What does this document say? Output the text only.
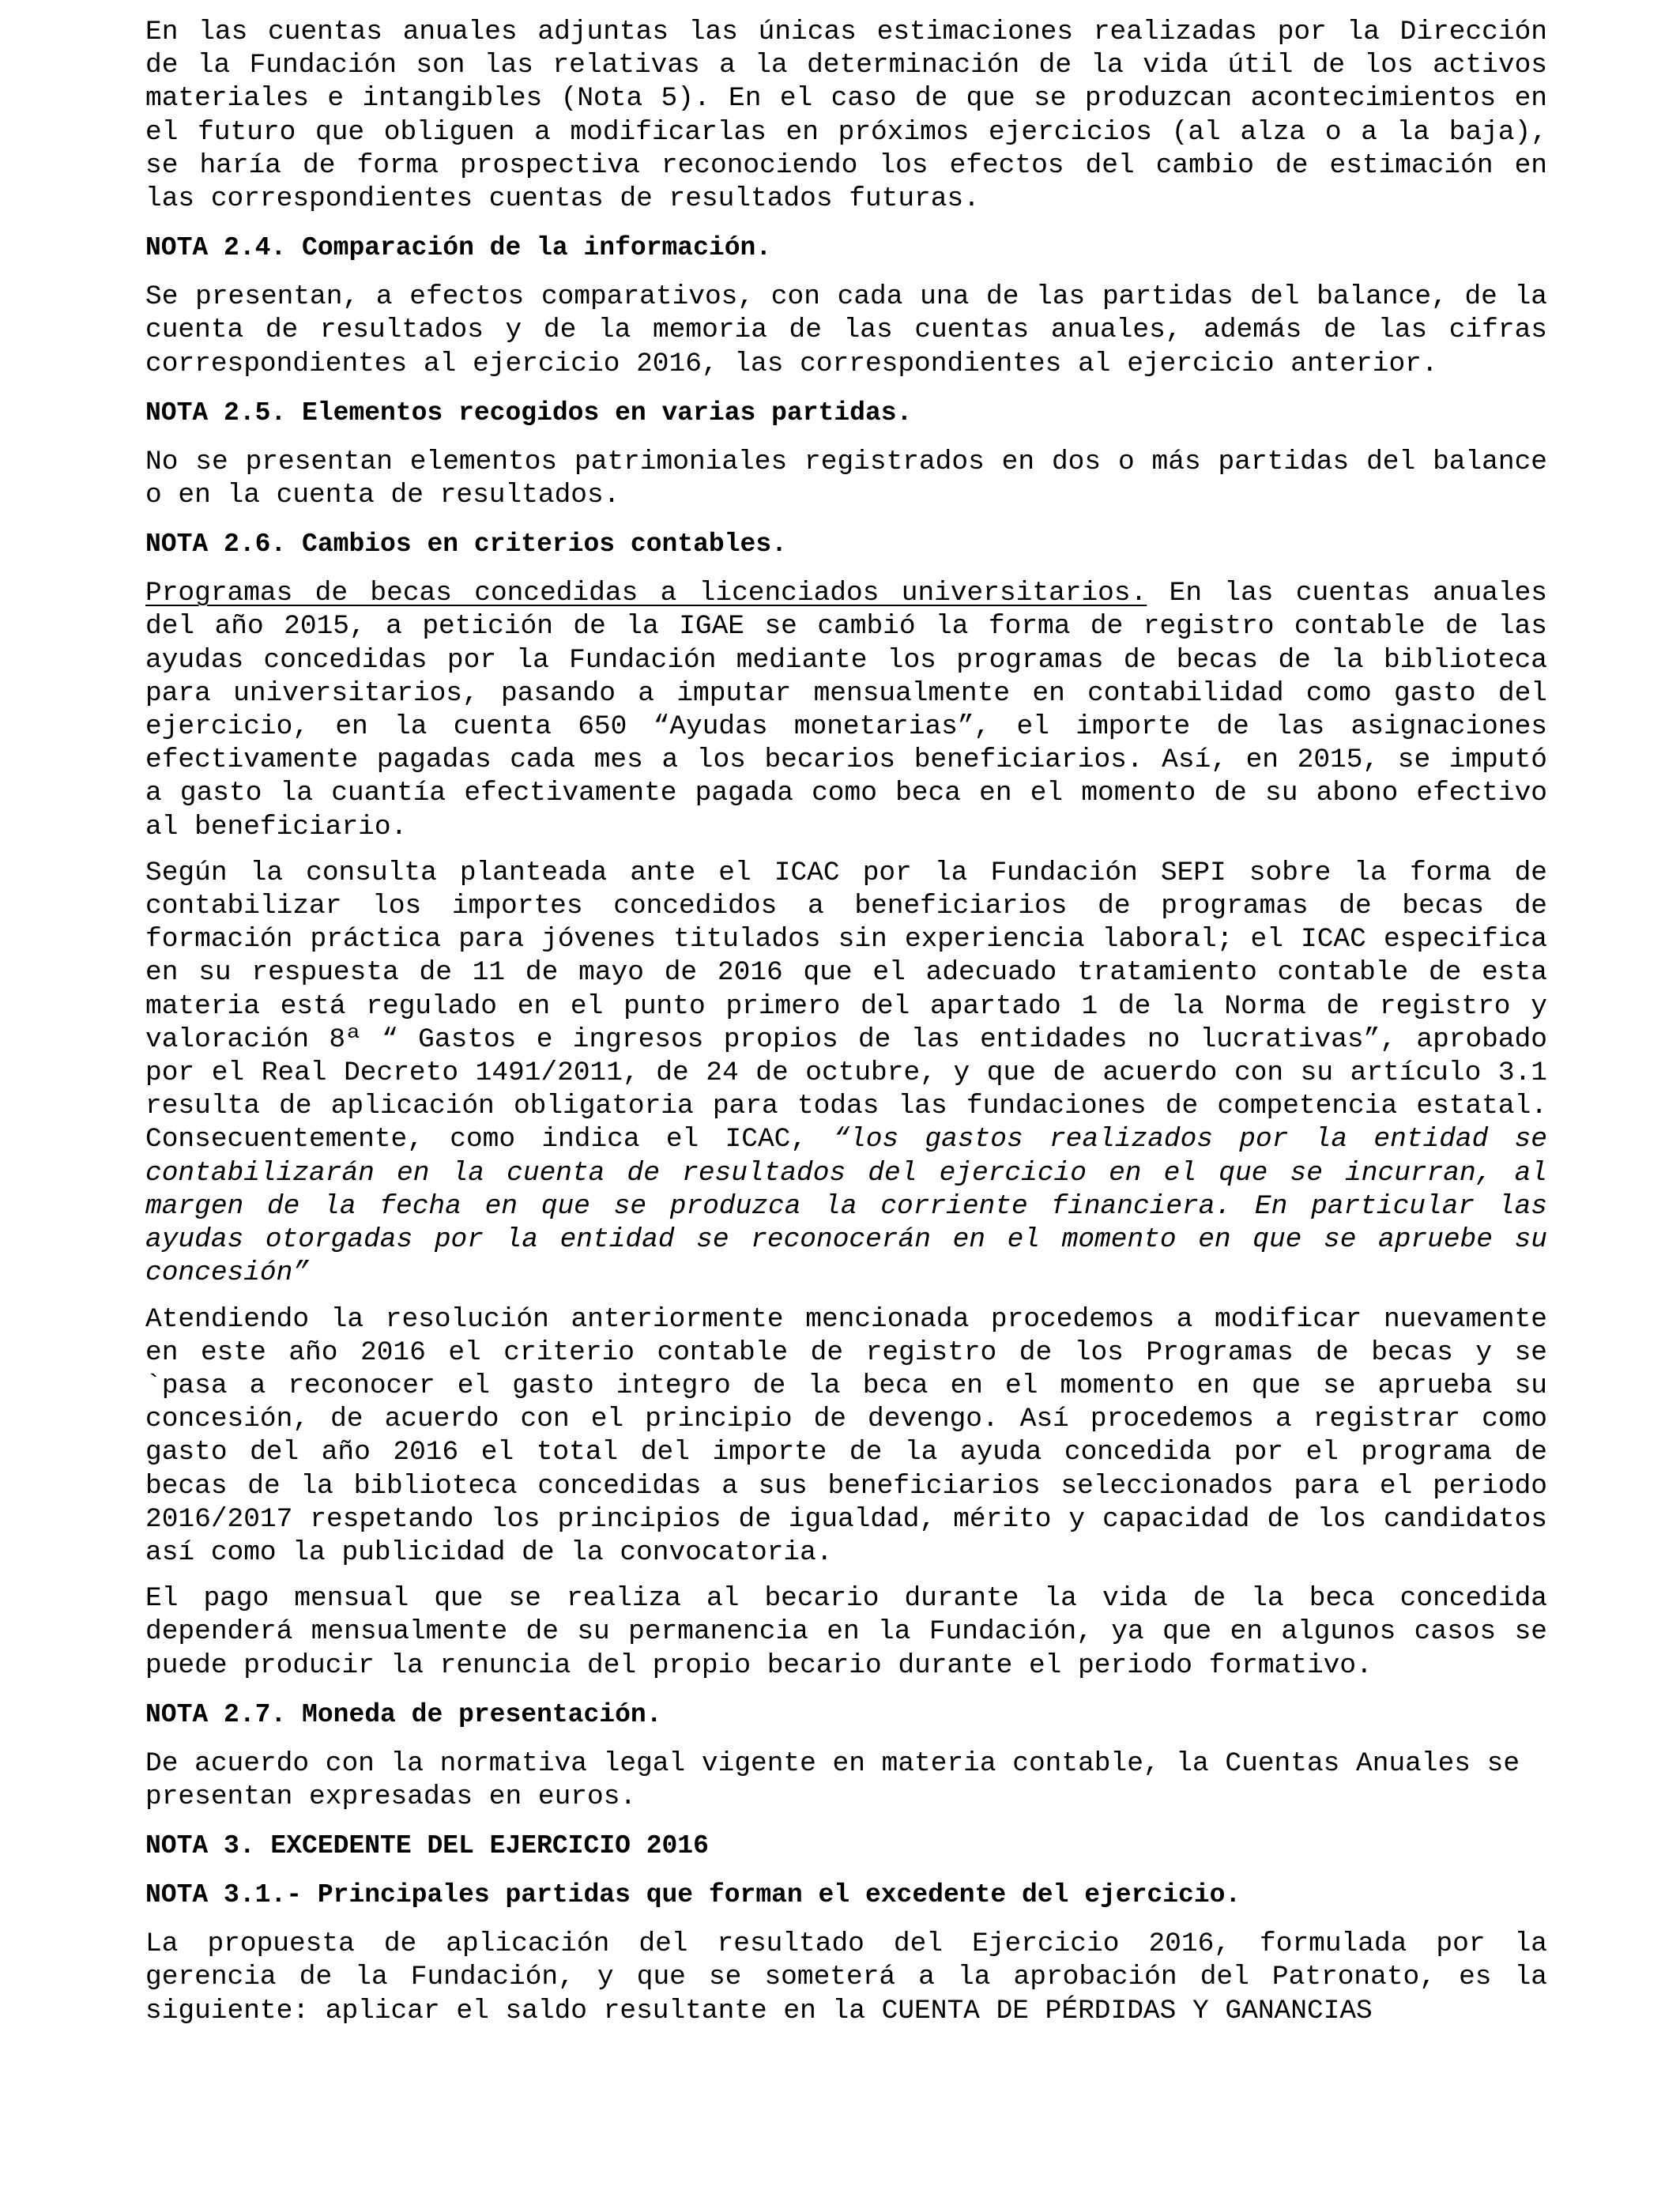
En las cuentas anuales adjuntas las únicas estimaciones realizadas por la Dirección de la Fundación son las relativas a la determinación de la vida útil de los activos materiales e intangibles (Nota 5). En el caso de que se produzcan acontecimientos en el futuro que obliguen a modificarlas en próximos ejercicios (al alza o a la baja), se haría de forma prospectiva reconociendo los efectos del cambio de estimación en las correspondientes cuentas de resultados futuras.

NOTA 2.4. Comparación de la información.

Se presentan, a efectos comparativos, con cada una de las partidas del balance, de la cuenta de resultados y de la memoria de las cuentas anuales, además de las cifras correspondientes al ejercicio 2016, las correspondientes al ejercicio anterior.

NOTA 2.5. Elementos recogidos en varias partidas.

No se presentan elementos patrimoniales registrados en dos o más partidas del balance o en la cuenta de resultados.

NOTA 2.6. Cambios en criterios contables.

Programas de becas concedidas a licenciados universitarios. En las cuentas anuales del año 2015, a petición de la IGAE se cambió la forma de registro contable de las ayudas concedidas por la Fundación mediante los programas de becas de la biblioteca para universitarios, pasando a imputar mensualmente en contabilidad como gasto del ejercicio, en la cuenta 650 “Ayudas monetarias”, el importe de las asignaciones efectivamente pagadas cada mes a los becarios beneficiarios. Así, en 2015, se imputó a gasto la cuantía efectivamente pagada como beca en el momento de su abono efectivo al beneficiario.

Según la consulta planteada ante el ICAC por la Fundación SEPI sobre la forma de contabilizar los importes concedidos a beneficiarios de programas de becas de formación práctica para jóvenes titulados sin experiencia laboral; el ICAC especifica en su respuesta de 11 de mayo de 2016 que el adecuado tratamiento contable de esta materia está regulado en el punto primero del apartado 1 de la Norma de registro y valoración 8ª “ Gastos e ingresos propios de las entidades no lucrativas”, aprobado por el Real Decreto 1491/2011, de 24 de octubre, y que de acuerdo con su artículo 3.1 resulta de aplicación obligatoria para todas las fundaciones de competencia estatal. Consecuentemente, como indica el ICAC, “los gastos realizados por la entidad se contabilizarán en la cuenta de resultados del ejercicio en el que se incurran, al margen de la fecha en que se produzca la corriente financiera. En particular las ayudas otorgadas por la entidad se reconocerán en el momento en que se apruebe su concesión”

Atendiendo la resolución anteriormente mencionada procedemos a modificar nuevamente en este año 2016 el criterio contable de registro de los Programas de becas y se `pasa a reconocer el gasto integro de la beca en el momento en que se aprueba su concesión, de acuerdo con el principio de devengo. Así procedemos a registrar como gasto del año 2016 el total del importe de la ayuda concedida por el programa de becas de la biblioteca concedidas a sus beneficiarios seleccionados para el periodo 2016/2017 respetando los principios de igualdad, mérito y capacidad de los candidatos así como la publicidad de la convocatoria.

El pago mensual que se realiza al becario durante la vida de la beca concedida dependerá mensualmente de su permanencia en la Fundación, ya que en algunos casos se puede producir la renuncia del propio becario durante el periodo formativo.

NOTA 2.7. Moneda de presentación.

De acuerdo con la normativa legal vigente en materia contable, la Cuentas Anuales se presentan expresadas en euros.

NOTA 3. EXCEDENTE DEL EJERCICIO 2016
NOTA 3.1.- Principales partidas que forman el excedente del ejercicio.

La propuesta de aplicación del resultado del Ejercicio 2016, formulada por la gerencia de la Fundación, y que se someterá a la aprobación del Patronato, es la siguiente: aplicar el saldo resultante en la CUENTA DE PÉRDIDAS Y GANANCIAS
